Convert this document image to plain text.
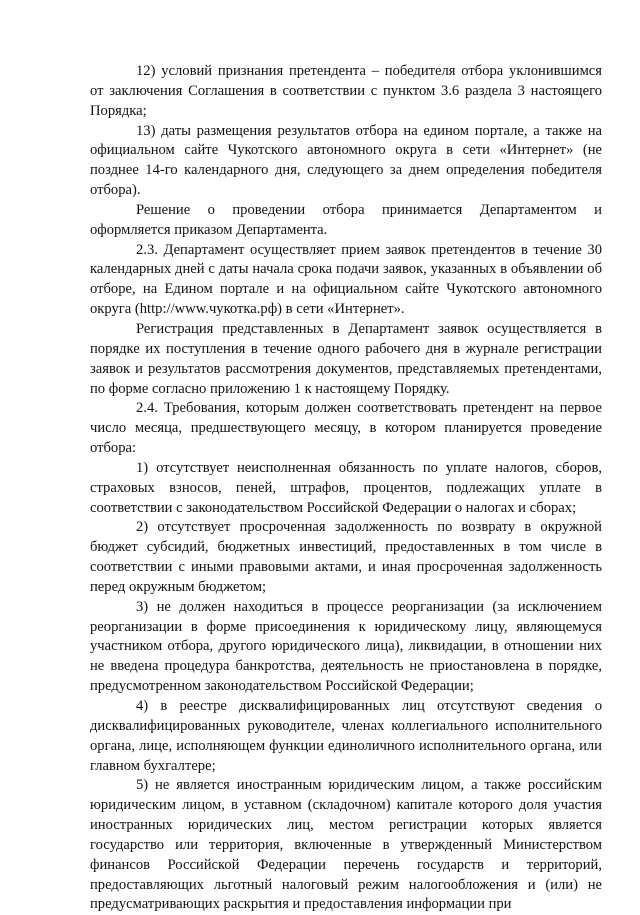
12) условий признания претендента – победителя отбора уклонившимся от заключения Соглашения в соответствии с пунктом 3.6 раздела 3 настоящего Порядка;

13) даты размещения результатов отбора на едином портале, а также на официальном сайте Чукотского автономного округа в сети «Интернет» (не позднее 14-го календарного дня, следующего за днем определения победителя отбора).

Решение о проведении отбора принимается Департаментом и оформляется приказом Департамента.

2.3. Департамент осуществляет прием заявок претендентов в течение 30 календарных дней с даты начала срока подачи заявок, указанных в объявлении об отборе, на Едином портале и на официальном сайте Чукотского автономного округа (http://www.чукотка.рф) в сети «Интернет».

Регистрация представленных в Департамент заявок осуществляется в порядке их поступления в течение одного рабочего дня в журнале регистрации заявок и результатов рассмотрения документов, представляемых претендентами, по форме согласно приложению 1 к настоящему Порядку.

2.4. Требования, которым должен соответствовать претендент на первое число месяца, предшествующего месяцу, в котором планируется проведение отбора:

1) отсутствует неисполненная обязанность по уплате налогов, сборов, страховых взносов, пеней, штрафов, процентов, подлежащих уплате в соответствии с законодательством Российской Федерации о налогах и сборах;

2) отсутствует просроченная задолженность по возврату в окружной бюджет субсидий, бюджетных инвестиций, предоставленных в том числе в соответствии с иными правовыми актами, и иная просроченная задолженность перед окружным бюджетом;

3) не должен находиться в процессе реорганизации (за исключением реорганизации в форме присоединения к юридическому лицу, являющемуся участником отбора, другого юридического лица), ликвидации, в отношении них не введена процедура банкротства, деятельность не приостановлена в порядке, предусмотренном законодательством Российской Федерации;

4) в реестре дисквалифицированных лиц отсутствуют сведения о дисквалифицированных руководителе, членах коллегиального исполнительного органа, лице, исполняющем функции единоличного исполнительного органа, или главном бухгалтере;

5) не является иностранным юридическим лицом, а также российским юридическим лицом, в уставном (складочном) капитале которого доля участия иностранных юридических лиц, местом регистрации которых является государство или территория, включенные в утвержденный Министерством финансов Российской Федерации перечень государств и территорий, предоставляющих льготный налоговый режим налогообложения и (или) не предусматривающих раскрытия и предоставления информации при
